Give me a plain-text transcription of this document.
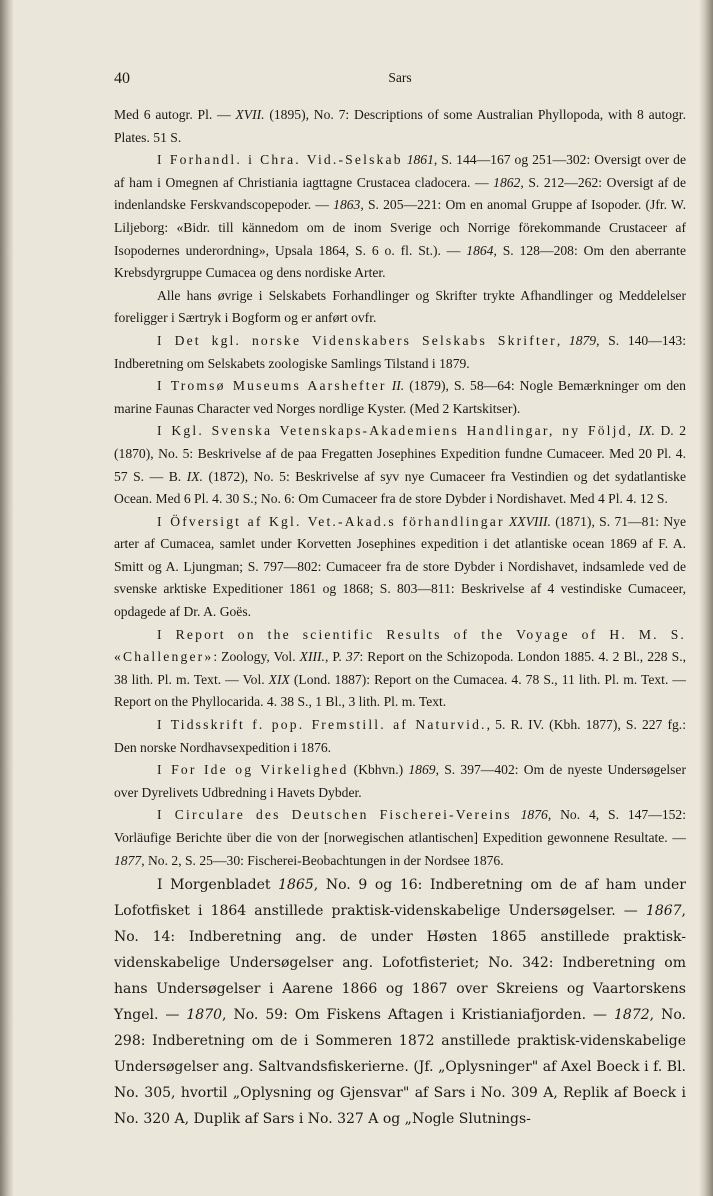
40	Sars

Med 6 autogr. Pl. — XVII. (1895), No. 7: Descriptions of some Australian Phyllopoda, with 8 autogr. Plates. 51 S.

I Forhandl. i Chra. Vid.-Selskab 1861, S. 144—167 og 251—302: Oversigt over de af ham i Omegnen af Christiania iagttagne Crustacea cladocera. — 1862, S. 212—262: Oversigt af de indenlandske Ferskvandscopepoder. — 1863, S. 205—221: Om en anomal Gruppe af Isopoder. (Jfr. W. Liljeborg: «Bidr. till kännedom om de inom Sverige och Norrige förekommande Crustaceer af Isopodernes underordning», Upsala 1864, S. 6 o. fl. St.). — 1864, S. 128—208: Om den aberrante Krebsdyrgruppe Cumacea og dens nordiske Arter.

Alle hans øvrige i Selskabets Forhandlinger og Skrifter trykte Afhandlinger og Meddelelser foreligger i Særtryk i Bogform og er anført ovfr.

I Det kgl. norske Videnskabers Selskabs Skrifter, 1879, S. 140—143: Indberetning om Selskabets zoologiske Samlings Tilstand i 1879.

I Tromsø Museums Aarshefter II. (1879), S. 58—64: Nogle Bemærkninger om den marine Faunas Character ved Norges nordlige Kyster. (Med 2 Kartskitser).

I Kgl. Svenska Vetenskaps-Akademiens Handlingar, ny Följd, IX. D. 2 (1870), No. 5: Beskrivelse af de paa Fregatten Josephines Expedition fundne Cumaceer. Med 20 Pl. 4. 57 S. — B. IX. (1872), No. 5: Beskrivelse af syv nye Cumaceer fra Vestindien og det sydatlantiske Ocean. Med 6 Pl. 4. 30 S.; No. 6: Om Cumaceer fra de store Dybder i Nordishavet. Med 4 Pl. 4. 12 S.

I Öfversigt af Kgl. Vet.-Akad.s förhandlingar XXVIII. (1871), S. 71—81: Nye arter af Cumacea, samlet under Korvetten Josephines expedition i det atlantiske ocean 1869 af F. A. Smitt og A. Ljungman; S. 797—802: Cumaceer fra de store Dybder i Nordishavet, indsamlede ved de svenske arktiske Expeditioner 1861 og 1868; S. 803—811: Beskrivelse af 4 vestindiske Cumaceer, opdagede af Dr. A. Goës.

I Report on the scientific Results of the Voyage of H. M. S. «Challenger»: Zoology, Vol. XIII., P. 37: Report on the Schizopoda. London 1885. 4. 2 Bl., 228 S., 38 lith. Pl. m. Text. — Vol. XIX (Lond. 1887): Report on the Cumacea. 4. 78 S., 11 lith. Pl. m. Text. — Report on the Phyllocarida. 4. 38 S., 1 Bl., 3 lith. Pl. m. Text.

I Tidsskrift f. pop. Fremstill. af Naturvid., 5. R. IV. (Kbh. 1877), S. 227 fg.: Den norske Nordhavsexpedition i 1876.

I For Ide og Virkelighed (Kbhvn.) 1869, S. 397—402: Om de nyeste Undersøgelser over Dyrelivets Udbredning i Havets Dybder.

I Circulare des Deutschen Fischerei-Vereins 1876, No. 4, S. 147—152: Vorläufige Berichte über die von der [norwegischen atlantischen] Expedition gewonnene Resultate. — 1877, No. 2, S. 25—30: Fischerei-Beobachtungen in der Nordsee 1876.

I Morgenbladet 1865, No. 9 og 16: Indberetning om de af ham under Lofotfisket i 1864 anstillede praktisk-videnskabelige Undersøgelser. — 1867, No. 14: Indberetning ang. de under Høsten 1865 anstillede praktisk-videnskabelige Undersøgelser ang. Lofotfisteriet; No. 342: Indberetning om hans Undersøgelser i Aarene 1866 og 1867 over Skreiens og Vaartorskens Yngel. — 1870, No. 59: Om Fiskens Aftagen i Kristianiafjorden. — 1872, No. 298: Indberetning om de i Sommeren 1872 anstillede praktisk-videnskabelige Undersøgelser ang. Saltvandsfiskerierne. (Jf. „Oplysninger" af Axel Boeck i f. Bl. No. 305, hvortil „Oplysning og Gjensvar" af Sars i No. 309 A, Replik af Boeck i No. 320 A, Duplik af Sars i No. 327 A og „Nogle Slutnings-
